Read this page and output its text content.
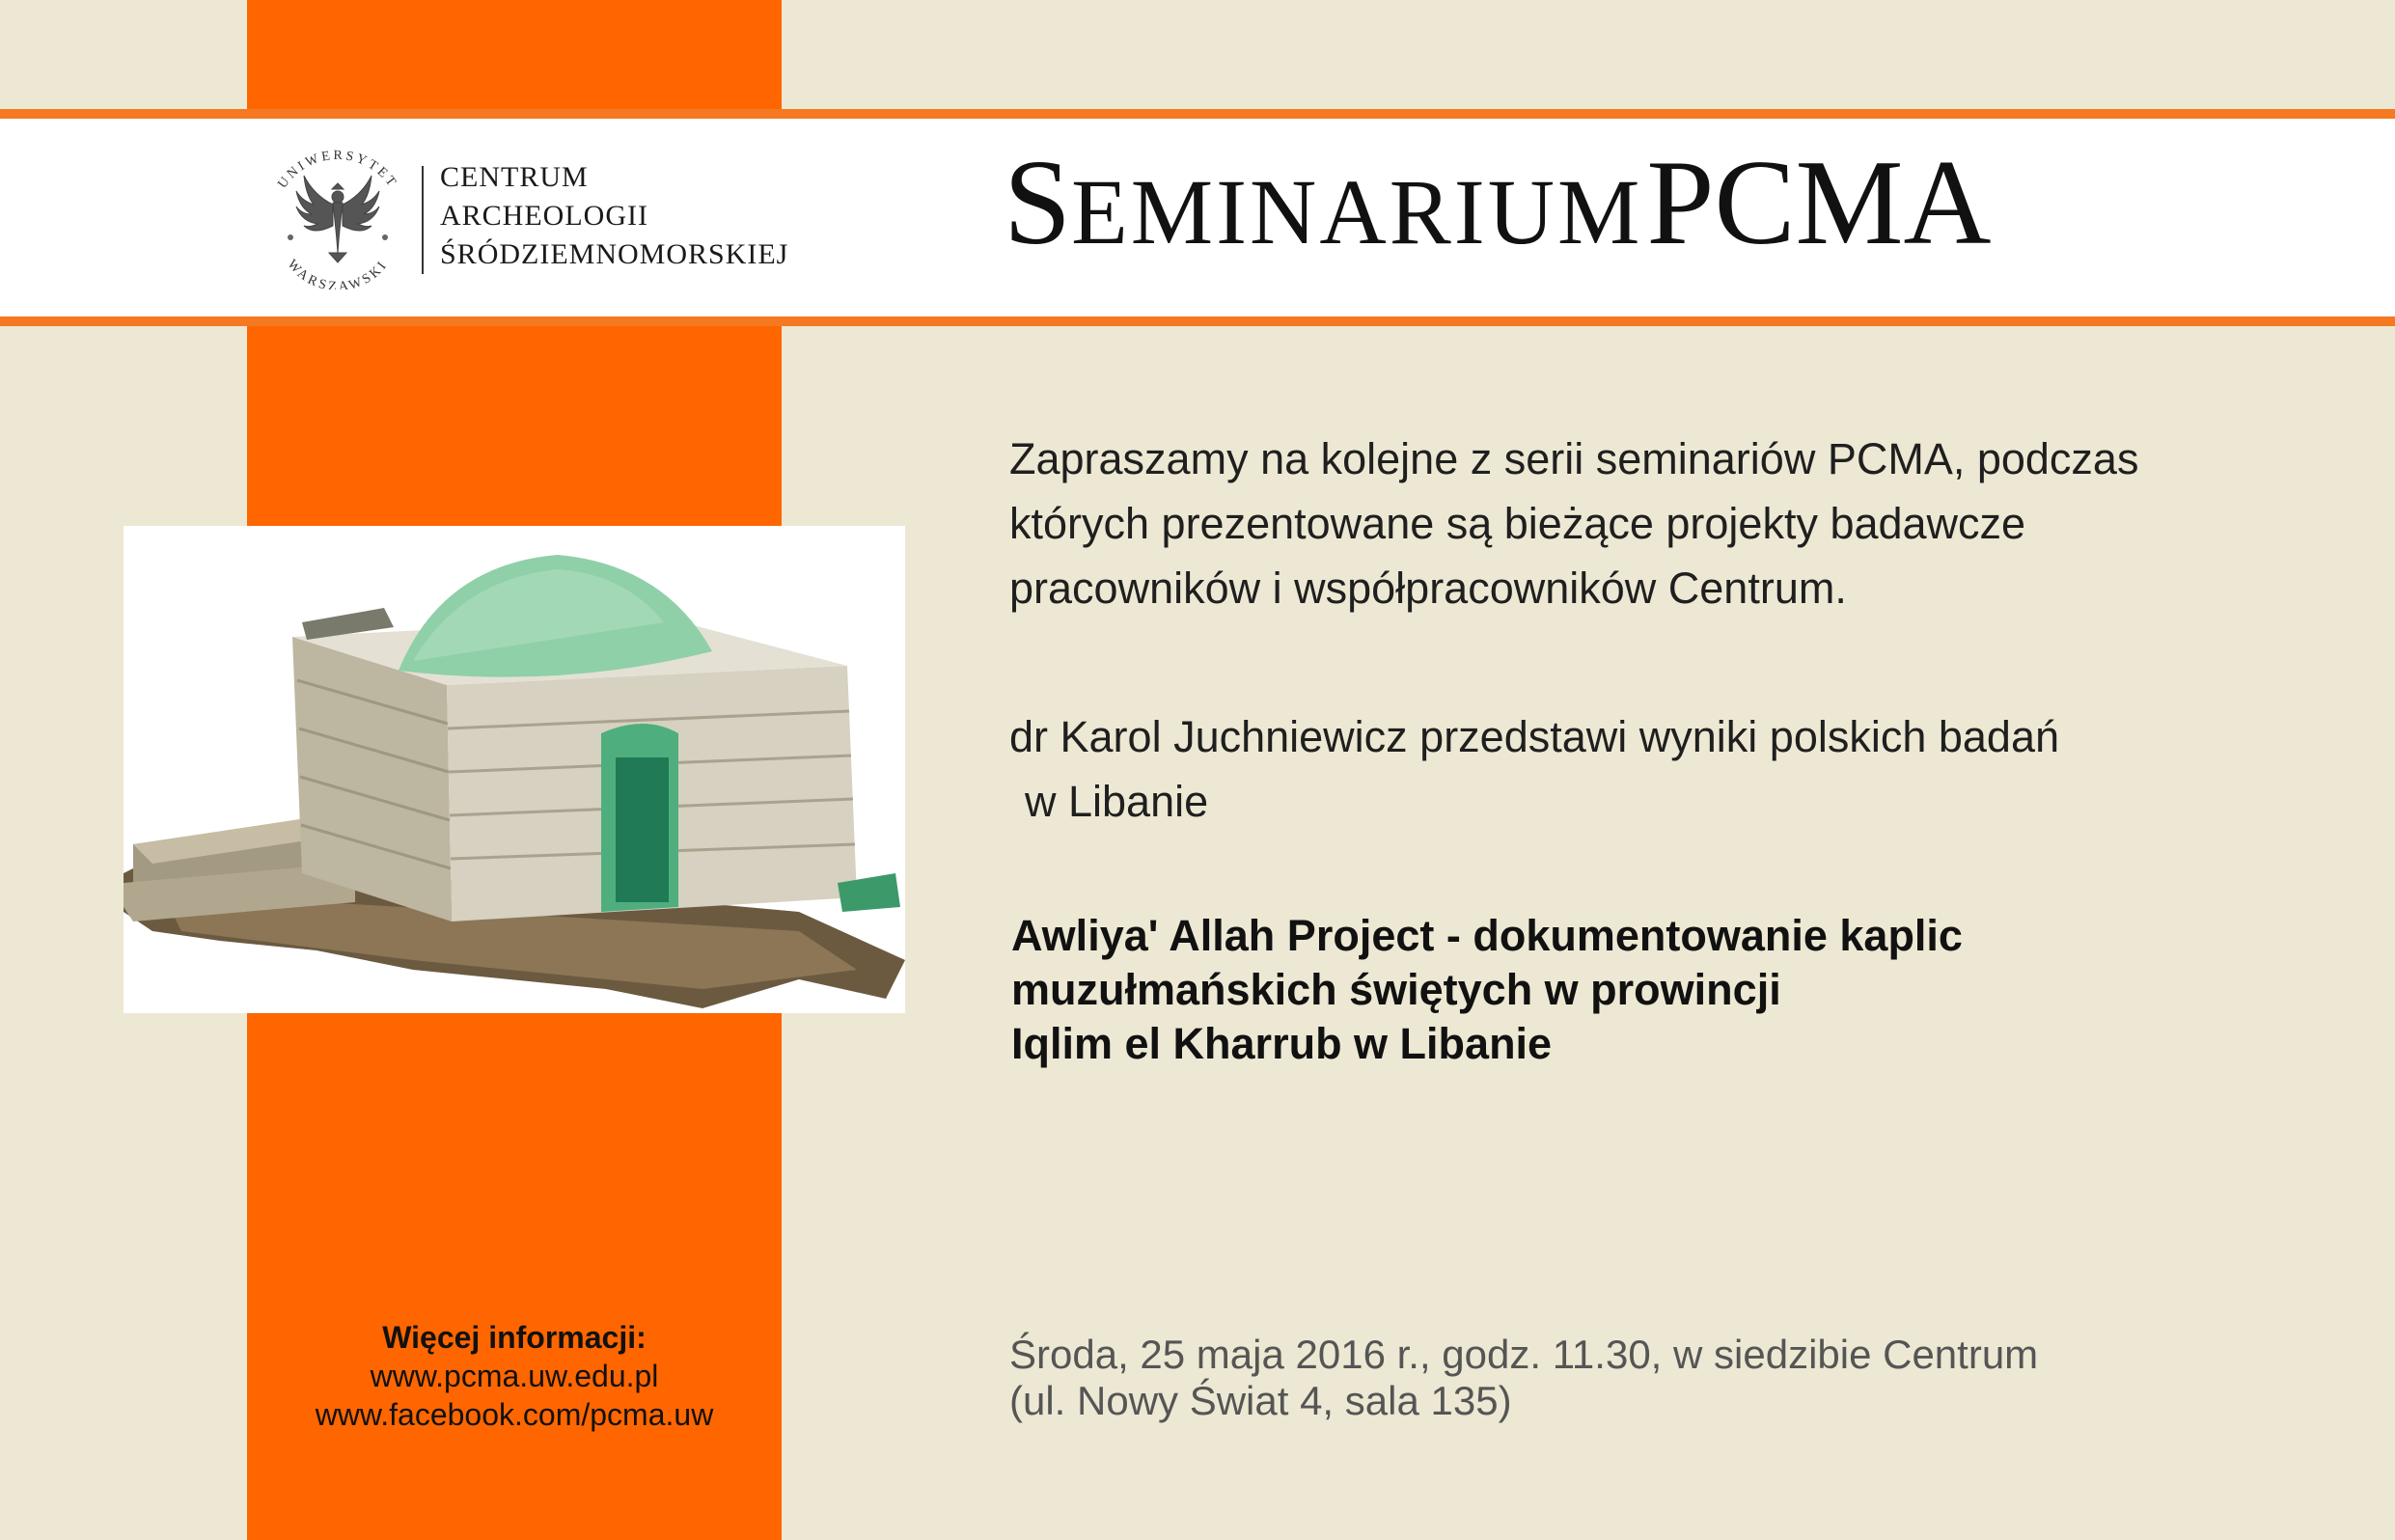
UNIWERSYTET
WARSZAWSKI
CENTRUM
ARCHEOLOGII
ŚRÓDZIEMNOMORSKIEJ SEMINARIUM PCMA
Zapraszamy na kolejne z serii seminariów PCMA, podczas
których prezentowane są bieżące projekty badawcze
pracowników i współpracowników Centrum.
dr Karol Juchniewicz przedstawi wyniki polskich badań
w Libanie
Awliya' Allah Project - dokumentowanie kaplic
muzułmańskich świętych w prowincji
Iqlim el Kharrub w Libanie
Więcej informacji:
www.pcma.uw.edu.pl
www.facebook.com/pcma.uw
Środa, 25 maja 2016 r., godz. 11.30, w siedzibie Centrum
(ul. Nowy Świat 4, sala 135)
